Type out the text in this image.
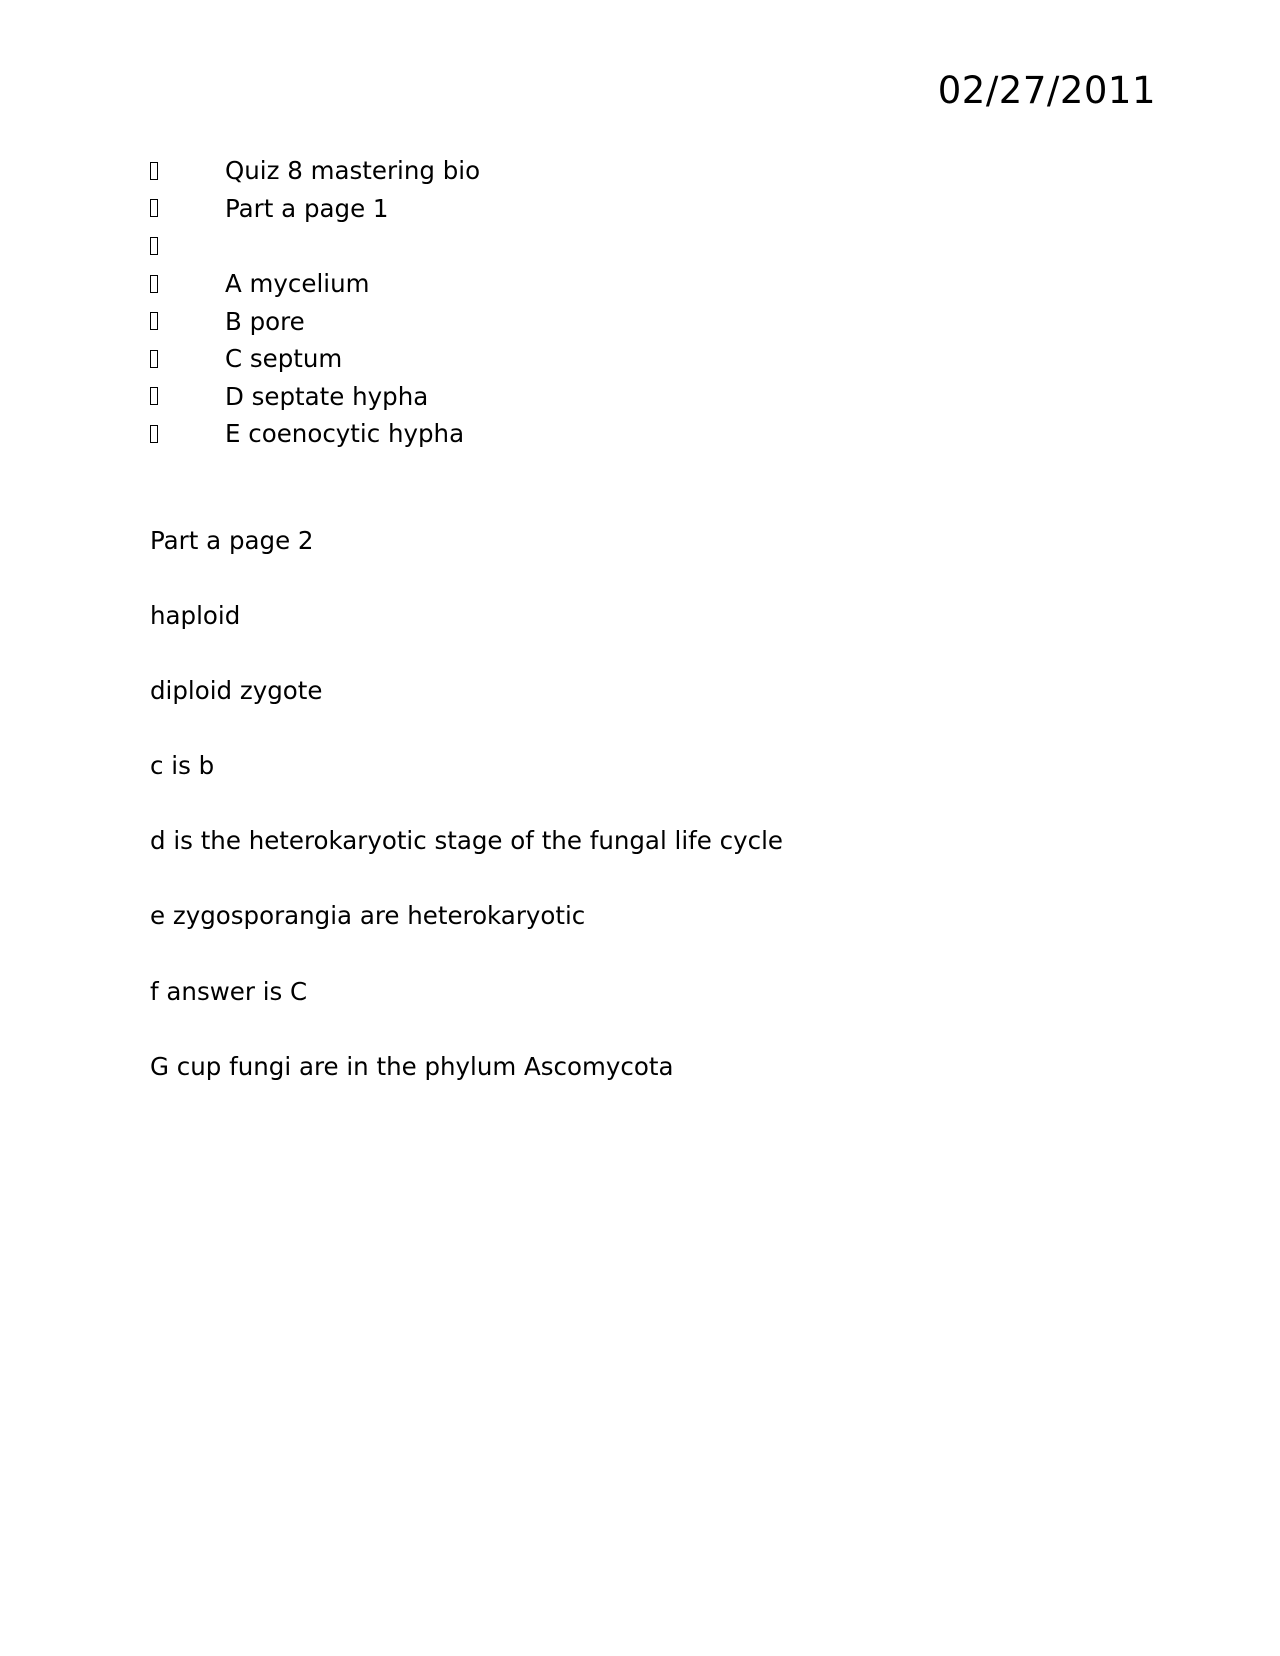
02/27/2011
Quiz 8 mastering bio
Part a page 1
A mycelium
B pore
C septum
D septate hypha
E coenocytic hypha

Part a page 2

haploid

diploid zygote

c is b

d is the heterokaryotic stage of the fungal life cycle

e zygosporangia are heterokaryotic

f answer is C

G cup fungi are in the phylum Ascomycota
